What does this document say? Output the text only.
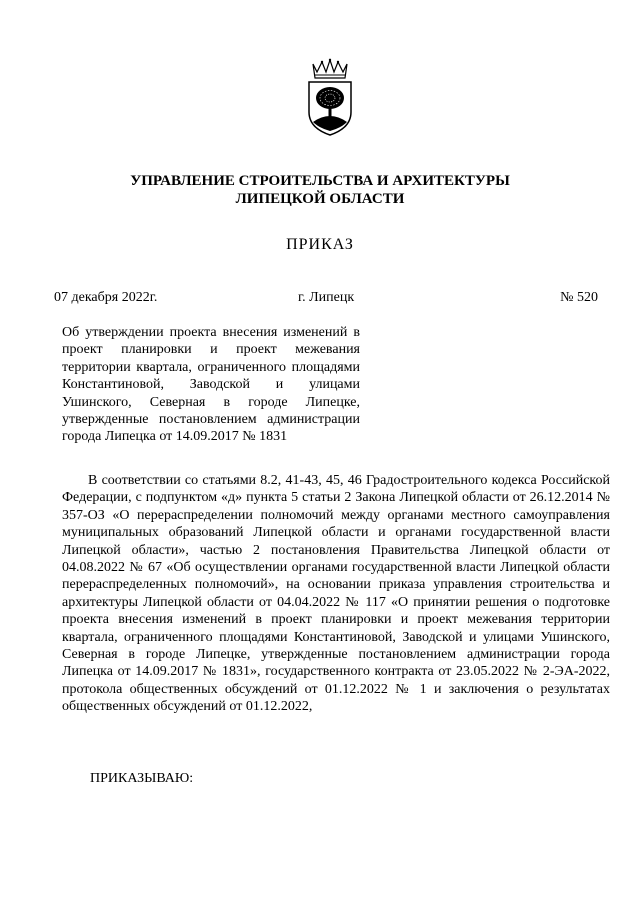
УПРАВЛЕНИЕ СТРОИТЕЛЬСТВА И АРХИТЕКТУРЫ
ЛИПЕЦКОЙ ОБЛАСТИ
ПРИКАЗ
07 декабря 2022г.	г. Липецк	№ 520
Об утверждении проекта внесения изменений в проект планировки и проект межевания территории квартала, ограниченного площадями Константиновой, Заводской и улицами Ушинского, Северная в городе Липецке, утвержденные постановлением администрации города Липецка от 14.09.2017 № 1831
В соответствии со статьями 8.2, 41-43, 45, 46 Градостроительного кодекса Российской Федерации, с подпунктом «д» пункта 5 статьи 2 Закона Липецкой области от 26.12.2014 № 357-ОЗ «О перераспределении полномочий между органами местного самоуправления муниципальных образований Липецкой области и органами государственной власти Липецкой области», частью 2 постановления Правительства Липецкой области от 04.08.2022 № 67 «Об осуществлении органами государственной власти Липецкой области перераспределенных полномочий», на основании приказа управления строительства и архитектуры Липецкой области от 04.04.2022 № 117 «О принятии решения о подготовке проекта внесения изменений в проект планировки и проект межевания территории квартала, ограниченного площадями Константиновой, Заводской и улицами Ушинского, Северная в городе Липецке, утвержденные постановлением администрации города Липецка от 14.09.2017 № 1831», государственного контракта от 23.05.2022 № 2-ЭА-2022, протокола общественных обсуждений от 01.12.2022 № 1 и заключения о результатах общественных обсуждений от 01.12.2022,
ПРИКАЗЫВАЮ:
